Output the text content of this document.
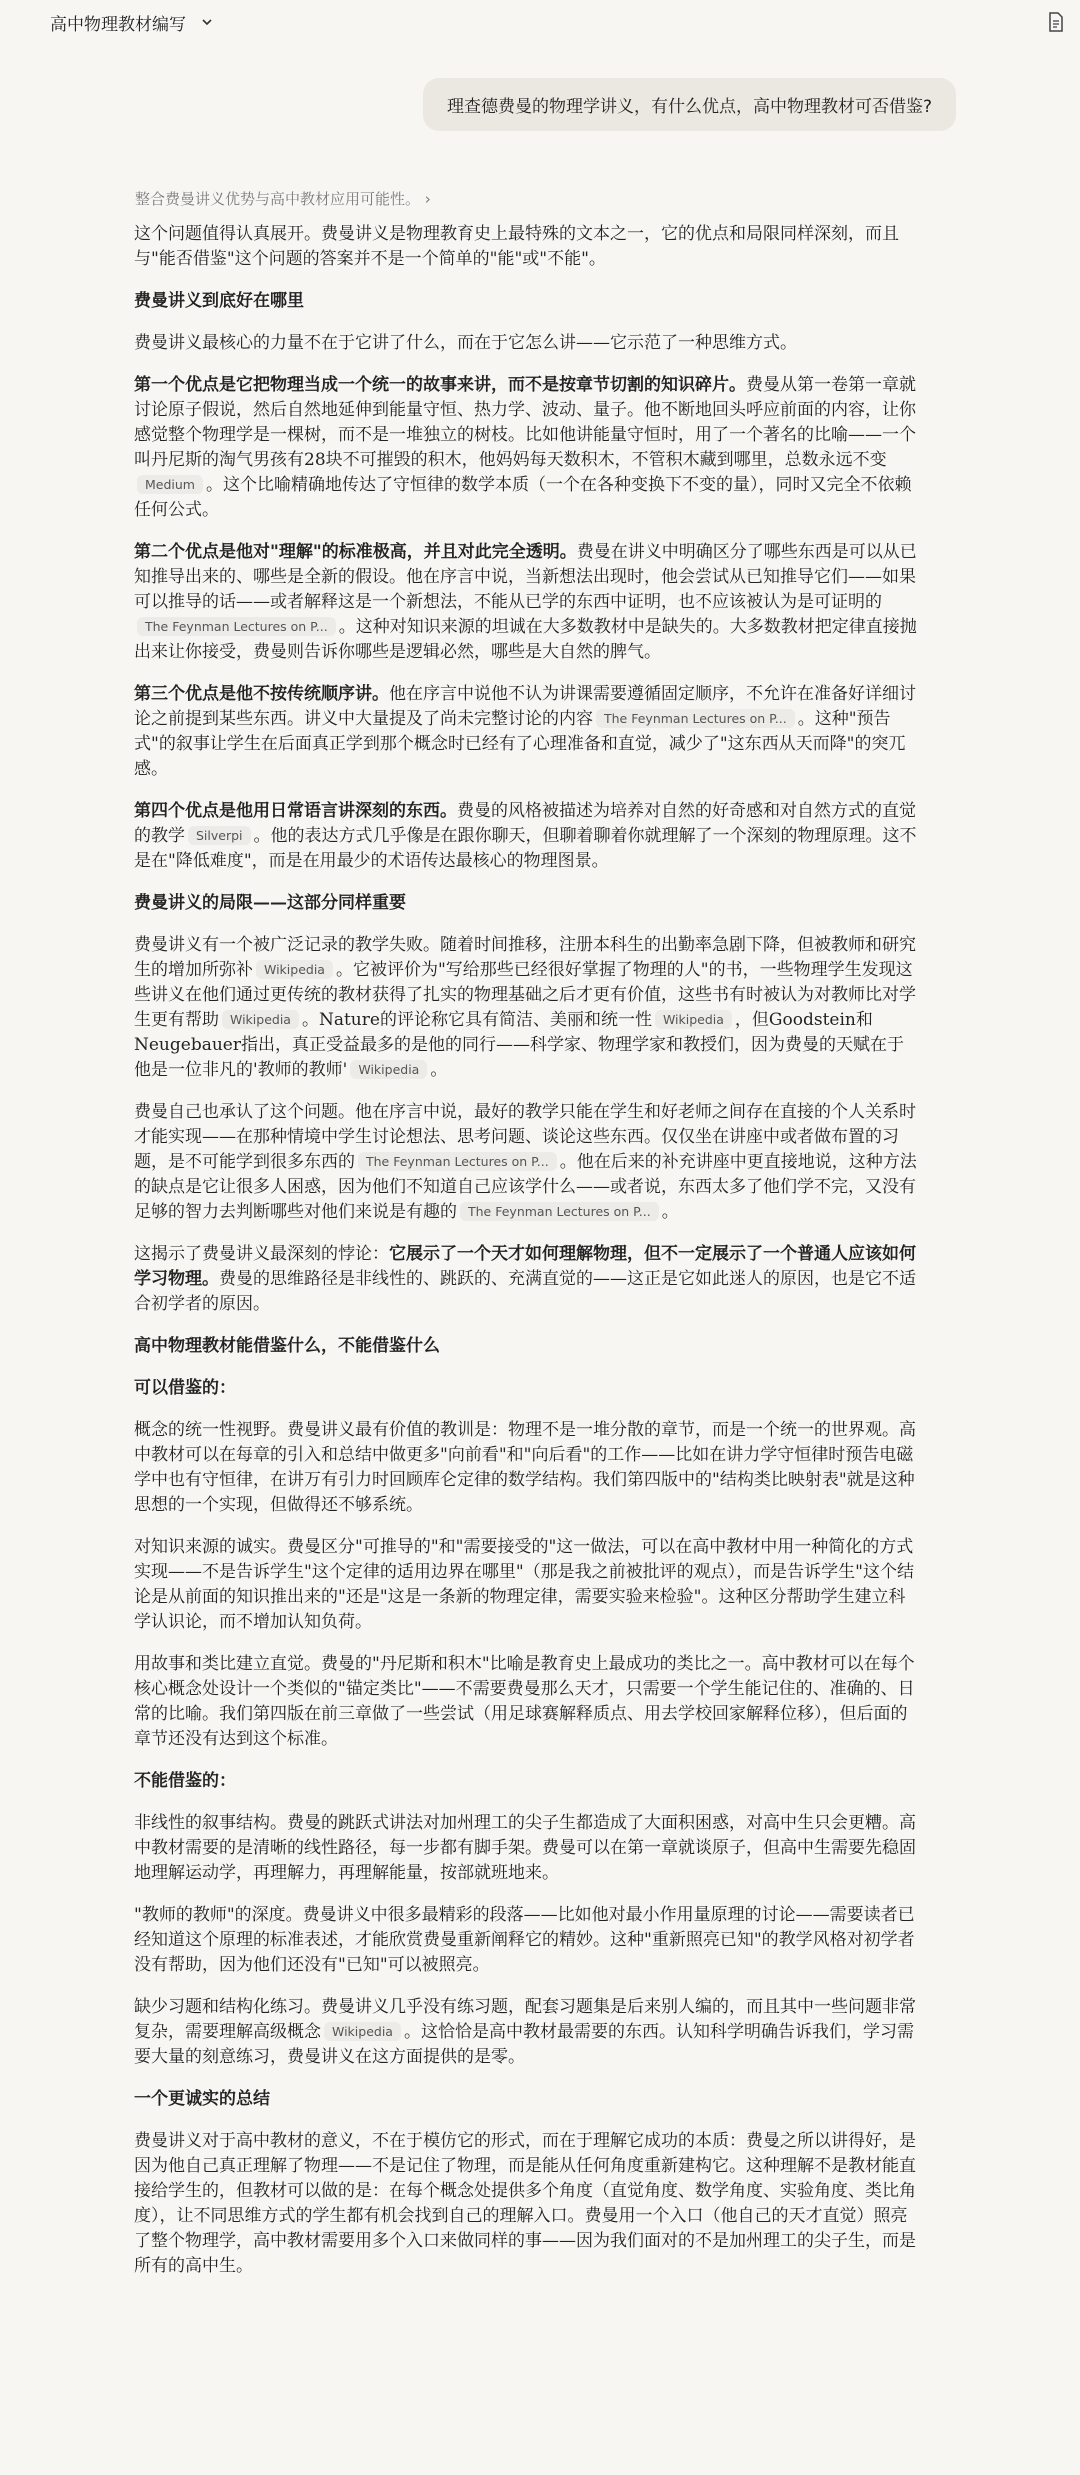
高中物理教材编写
理查德费曼的物理学讲义，有什么优点，高中物理教材可否借鉴?
整合费曼讲义优势与高中教材应用可能性。 ›

这个问题值得认真展开。费曼讲义是物理教育史上最特殊的文本之一，它的优点和局限同样深刻，而且与"能否借鉴"这个问题的答案并不是一个简单的"能"或"不能"。

费曼讲义到底好在哪里

费曼讲义最核心的力量不在于它讲了什么，而在于它怎么讲——它示范了一种思维方式。

第一个优点是它把物理当成一个统一的故事来讲，而不是按章节切割的知识碎片。费曼从第一卷第一章就讨论原子假说，然后自然地延伸到能量守恒、热力学、波动、量子。他不断地回头呼应前面的内容，让你感觉整个物理学是一棵树，而不是一堆独立的树枝。比如他讲能量守恒时，用了一个著名的比喻——一个叫丹尼斯的淘气男孩有28块不可摧毁的积木，他妈妈每天数积木，不管积木藏到哪里，总数永远不变Medium 。这个比喻精确地传达了守恒律的数学本质（一个在各种变换下不变的量），同时又完全不依赖任何公式。

第二个优点是他对"理解"的标准极高，并且对此完全透明。费曼在讲义中明确区分了哪些东西是可以从已知推导出来的、哪些是全新的假设。他在序言中说，当新想法出现时，他会尝试从已知推导它们——如果可以推导的话——或者解释这是一个新想法，不能从已学的东西中证明，也不应该被认为是可证明的The Feynman Lectures on P... 。这种对知识来源的坦诚在大多数教材中是缺失的。大多数教材把定律直接抛出来让你接受，费曼则告诉你哪些是逻辑必然，哪些是大自然的脾气。

第三个优点是他不按传统顺序讲。他在序言中说他不认为讲课需要遵循固定顺序，不允许在准备好详细讨论之前提到某些东西。讲义中大量提及了尚未完整讨论的内容 The Feynman Lectures on P... 。这种"预告式"的叙事让学生在后面真正学到那个概念时已经有了心理准备和直觉，减少了"这东西从天而降"的突兀感。

第四个优点是他用日常语言讲深刻的东西。费曼的风格被描述为培养对自然的好奇感和对自然方式的直觉的教学 Silverpi 。他的表达方式几乎像是在跟你聊天，但聊着聊着你就理解了一个深刻的物理原理。这不是在"降低难度"，而是在用最少的术语传达最核心的物理图景。

费曼讲义的局限——这部分同样重要

费曼讲义有一个被广泛记录的教学失败。随着时间推移，注册本科生的出勤率急剧下降，但被教师和研究生的增加所弥补 Wikipedia 。它被评价为"写给那些已经很好掌握了物理的人"的书，一些物理学生发现这些讲义在他们通过更传统的教材获得了扎实的物理基础之后才更有价值，这些书有时被认为对教师比对学生更有帮助 Wikipedia 。Nature的评论称它具有简洁、美丽和统一性 Wikipedia ，但Goodstein和Neugebauer指出，真正受益最多的是他的同行——科学家、物理学家和教授们，因为费曼的天赋在于他是一位非凡的'教师的教师' Wikipedia 。

费曼自己也承认了这个问题。他在序言中说，最好的教学只能在学生和好老师之间存在直接的个人关系时才能实现——在那种情境中学生讨论想法、思考问题、谈论这些东西。仅仅坐在讲座中或者做布置的习题，是不可能学到很多东西的 The Feynman Lectures on P... 。他在后来的补充讲座中更直接地说，这种方法的缺点是它让很多人困惑，因为他们不知道自己应该学什么——或者说，东西太多了他们学不完，又没有足够的智力去判断哪些对他们来说是有趣的 The Feynman Lectures on P... 。

这揭示了费曼讲义最深刻的悖论：它展示了一个天才如何理解物理，但不一定展示了一个普通人应该如何学习物理。费曼的思维路径是非线性的、跳跃的、充满直觉的——这正是它如此迷人的原因，也是它不适合初学者的原因。

高中物理教材能借鉴什么，不能借鉴什么
可以借鉴的：

概念的统一性视野。费曼讲义最有价值的教训是：物理不是一堆分散的章节，而是一个统一的世界观。高中教材可以在每章的引入和总结中做更多"向前看"和"向后看"的工作——比如在讲力学守恒律时预告电磁学中也有守恒律，在讲万有引力时回顾库仑定律的数学结构。我们第四版中的"结构类比映射表"就是这种思想的一个实现，但做得还不够系统。

对知识来源的诚实。费曼区分"可推导的"和"需要接受的"这一做法，可以在高中教材中用一种简化的方式实现——不是告诉学生"这个定律的适用边界在哪里"（那是我之前被批评的观点），而是告诉学生"这个结论是从前面的知识推出来的"还是"这是一条新的物理定律，需要实验来检验"。这种区分帮助学生建立科学认识论，而不增加认知负荷。

用故事和类比建立直觉。费曼的"丹尼斯和积木"比喻是教育史上最成功的类比之一。高中教材可以在每个核心概念处设计一个类似的"锚定类比"——不需要费曼那么天才，只需要一个学生能记住的、准确的、日常的比喻。我们第四版在前三章做了一些尝试（用足球赛解释质点、用去学校回家解释位移），但后面的章节还没有达到这个标准。

不能借鉴的：

非线性的叙事结构。费曼的跳跃式讲法对加州理工的尖子生都造成了大面积困惑，对高中生只会更糟。高中教材需要的是清晰的线性路径，每一步都有脚手架。费曼可以在第一章就谈原子，但高中生需要先稳固地理解运动学，再理解力，再理解能量，按部就班地来。

"教师的教师"的深度。费曼讲义中很多最精彩的段落——比如他对最小作用量原理的讨论——需要读者已经知道这个原理的标准表述，才能欣赏费曼重新阐释它的精妙。这种"重新照亮已知"的教学风格对初学者没有帮助，因为他们还没有"已知"可以被照亮。

缺少习题和结构化练习。费曼讲义几乎没有练习题，配套习题集是后来别人编的，而且其中一些问题非常复杂，需要理解高级概念 Wikipedia 。这恰恰是高中教材最需要的东西。认知科学明确告诉我们，学习需要大量的刻意练习，费曼讲义在这方面提供的是零。

一个更诚实的总结

费曼讲义对于高中教材的意义，不在于模仿它的形式，而在于理解它成功的本质：费曼之所以讲得好，是因为他自己真正理解了物理——不是记住了物理，而是能从任何角度重新建构它。这种理解不是教材能直接给学生的，但教材可以做的是：在每个概念处提供多个角度（直觉角度、数学角度、实验角度、类比角度），让不同思维方式的学生都有机会找到自己的理解入口。费曼用一个入口（他自己的天才直觉）照亮了整个物理学，高中教材需要用多个入口来做同样的事——因为我们面对的不是加州理工的尖子生，而是所有的高中生。
